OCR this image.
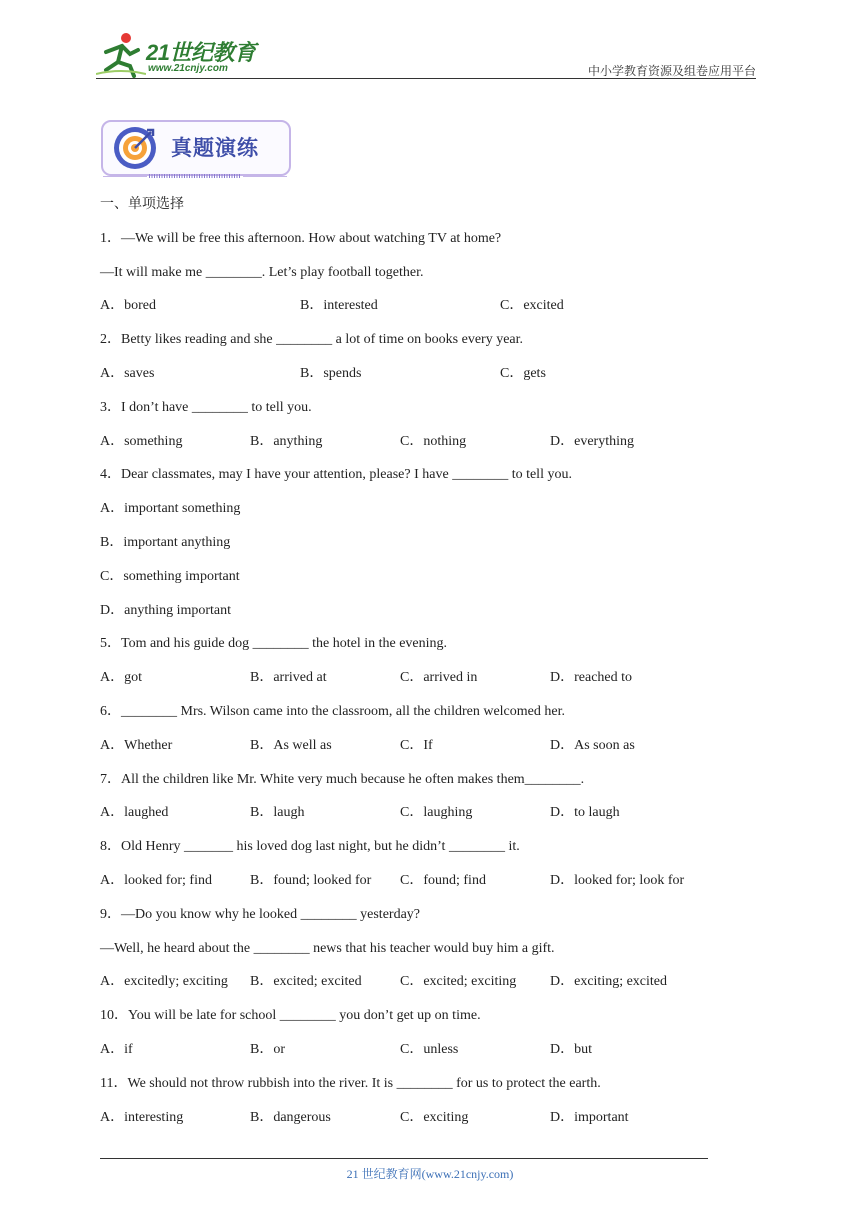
21世纪教育
www.21cnjy.com	中小学教育资源及组卷应用平台
真题演练
一、单项选择
1．—We will be free this afternoon. How about watching TV at home?
—It will make me ________. Let’s play football together.
A．bored	B．interested	C．excited
2．Betty likes reading and she ________ a lot of time on books every year.
A．saves	B．spends	C．gets
3．I don’t have ________ to tell you.
A．something	B．anything	C．nothing	D．everything
4．Dear classmates, may I have your attention, please? I have ________ to tell you.
A．important something
B．important anything
C．something important
D．anything important
5．Tom and his guide dog ________ the hotel in the evening.
A．got	B．arrived at	C．arrived in	D．reached to
6．________ Mrs. Wilson came into the classroom, all the children welcomed her.
A．Whether	B．As well as	C．If	D．As soon as
7．All the children like Mr. White very much because he often makes them________.
A．laughed	B．laugh	C．laughing	D．to laugh
8．Old Henry _______ his loved dog last night, but he didn’t ________ it.
A．looked for; find	B．found; looked for C．found; find	D．looked for; look for
9．—Do you know why he looked ________ yesterday?
—Well, he heard about the ________ news that his teacher would buy him a gift.
A．excitedly; exciting B．excited; excited	C．excited; exciting D．exciting; excited
10．You will be late for school ________ you don’t get up on time.
A．if	B．or	C．unless	D．but
11．We should not throw rubbish into the river. It is ________ for us to protect the earth.
A．interesting	B．dangerous	C．exciting	D．important
21 世纪教育网(www.21cnjy.com)
